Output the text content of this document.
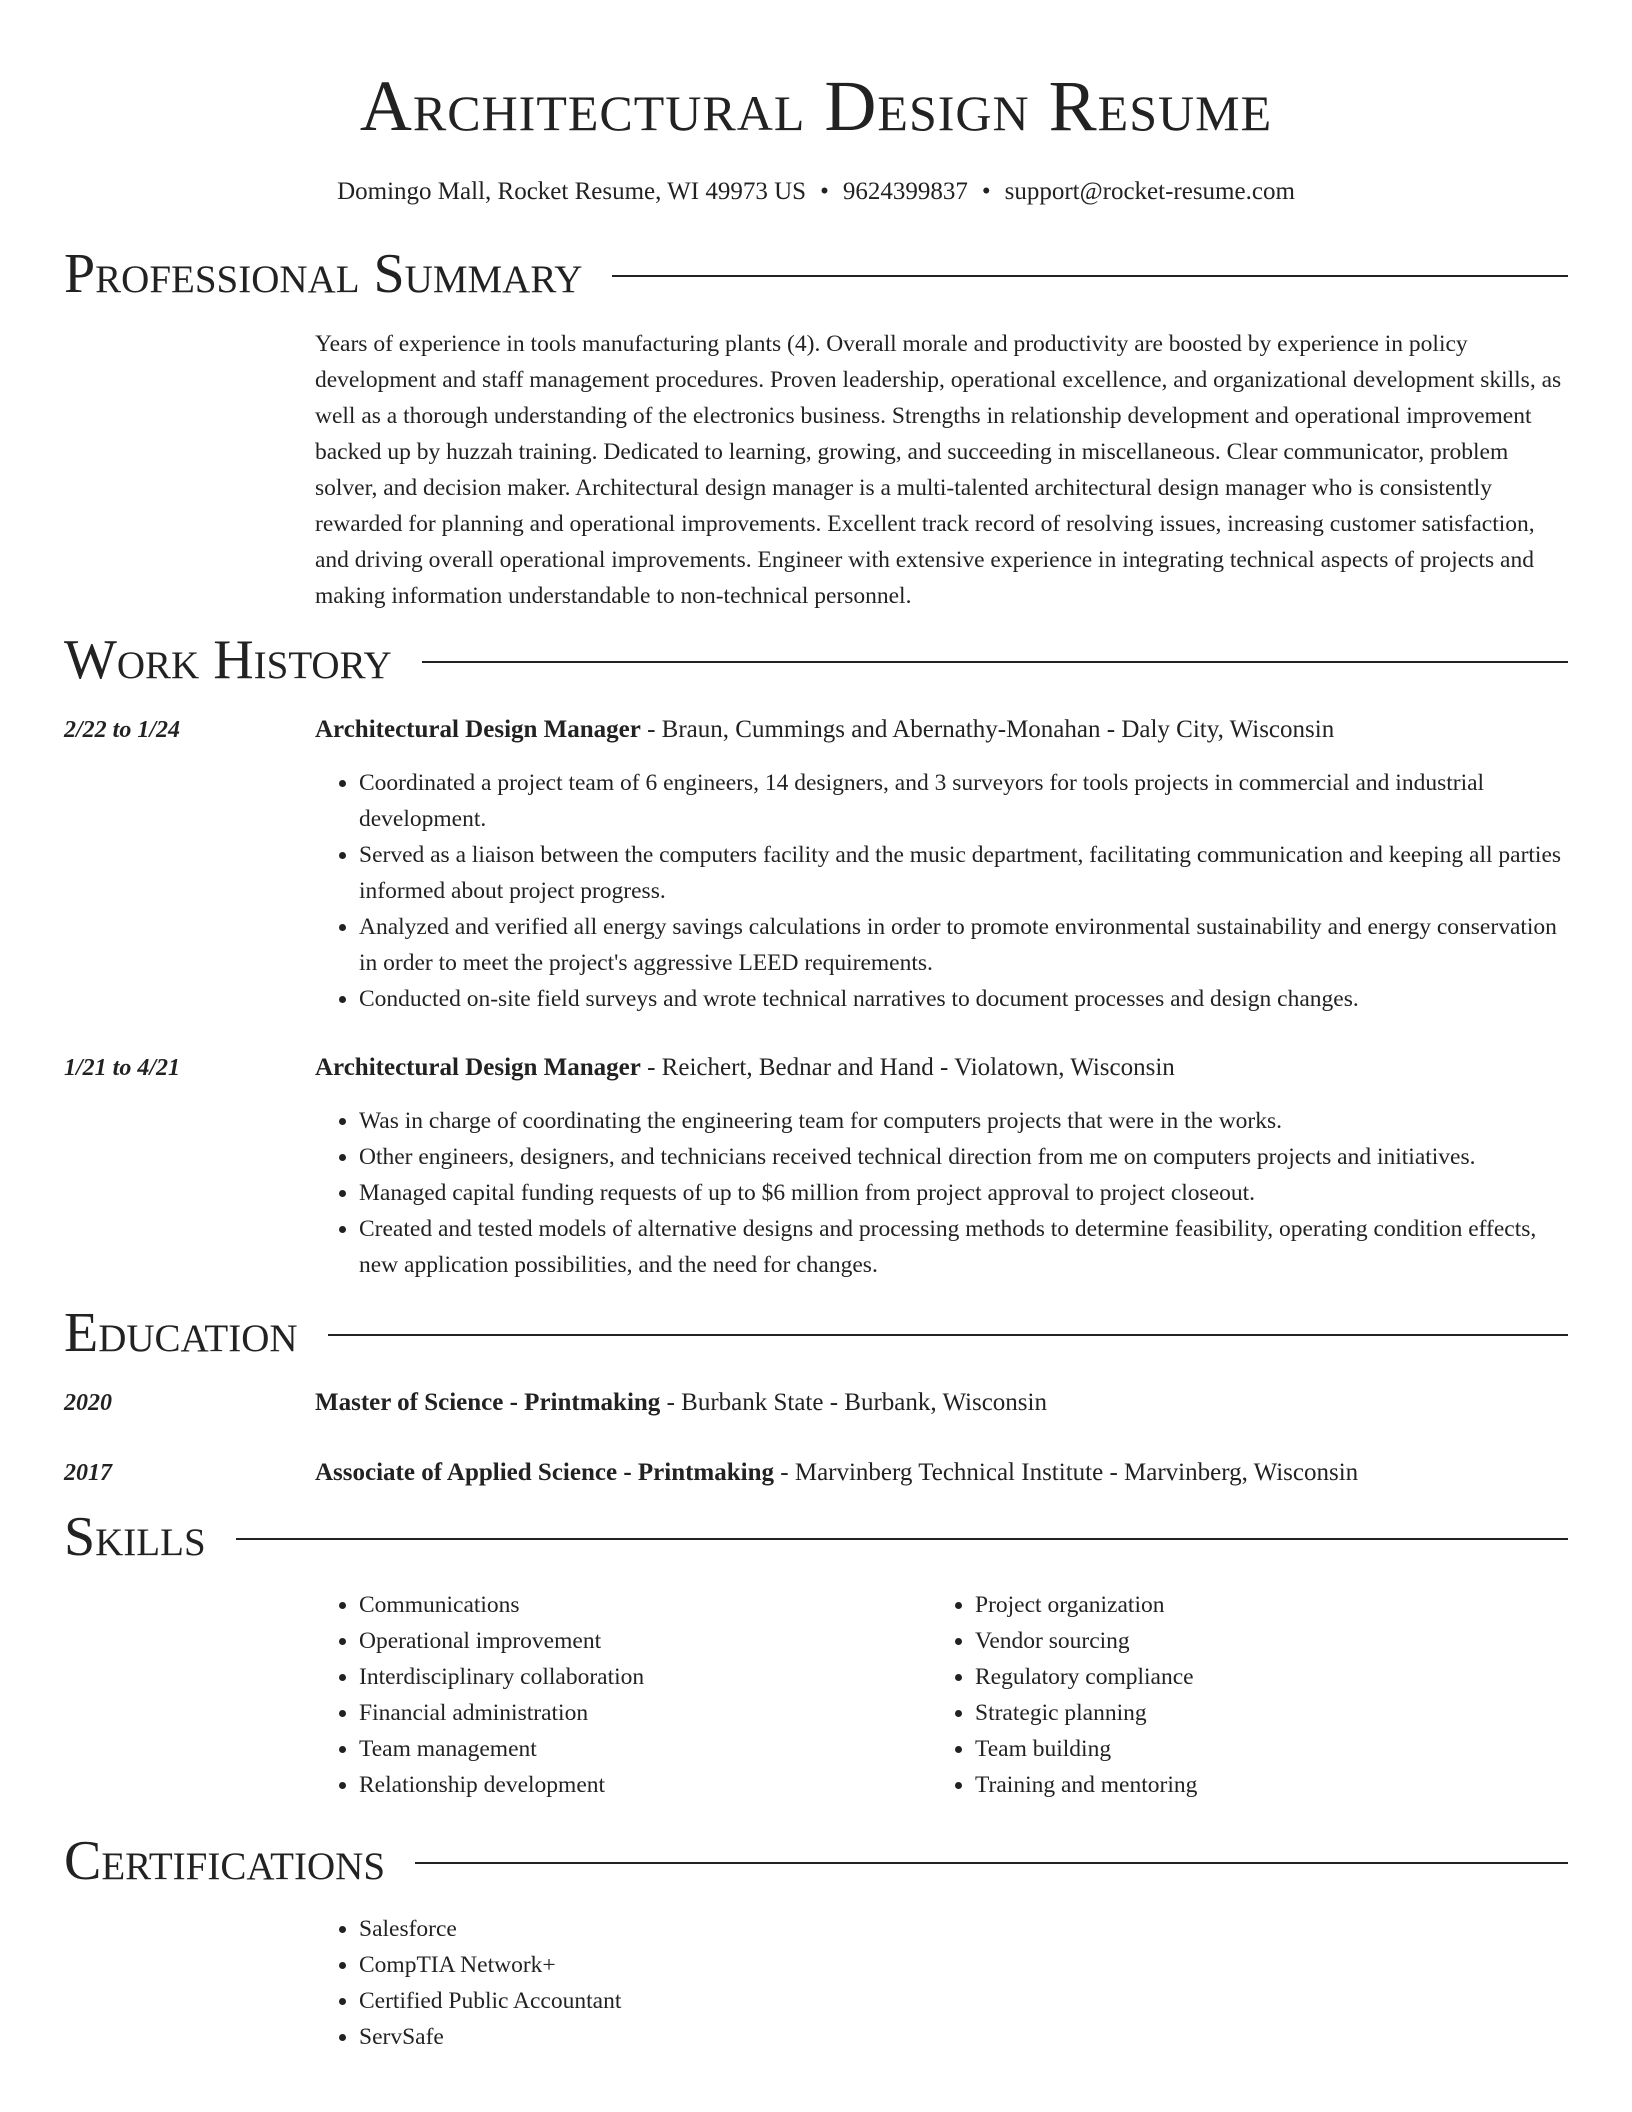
Architectural Design Resume
Domingo Mall, Rocket Resume, WI 49973 US • 9624399837 • support@rocket-resume.com
Professional Summary
Years of experience in tools manufacturing plants (4). Overall morale and productivity are boosted by experience in policy development and staff management procedures. Proven leadership, operational excellence, and organizational development skills, as well as a thorough understanding of the electronics business. Strengths in relationship development and operational improvement backed up by huzzah training. Dedicated to learning, growing, and succeeding in miscellaneous. Clear communicator, problem solver, and decision maker. Architectural design manager is a multi-talented architectural design manager who is consistently rewarded for planning and operational improvements. Excellent track record of resolving issues, increasing customer satisfaction, and driving overall operational improvements. Engineer with extensive experience in integrating technical aspects of projects and making information understandable to non-technical personnel.
Work History
2/22 to 1/24	Architectural Design Manager - Braun, Cummings and Abernathy-Monahan - Daly City, Wisconsin
• Coordinated a project team of 6 engineers, 14 designers, and 3 surveyors for tools projects in commercial and industrial development.
• Served as a liaison between the computers facility and the music department, facilitating communication and keeping all parties informed about project progress.
• Analyzed and verified all energy savings calculations in order to promote environmental sustainability and energy conservation in order to meet the project's aggressive LEED requirements.
• Conducted on-site field surveys and wrote technical narratives to document processes and design changes.
1/21 to 4/21	Architectural Design Manager - Reichert, Bednar and Hand - Violatown, Wisconsin
• Was in charge of coordinating the engineering team for computers projects that were in the works.
• Other engineers, designers, and technicians received technical direction from me on computers projects and initiatives.
• Managed capital funding requests of up to $6 million from project approval to project closeout.
• Created and tested models of alternative designs and processing methods to determine feasibility, operating condition effects, new application possibilities, and the need for changes.
Education
2020	Master of Science - Printmaking - Burbank State - Burbank, Wisconsin
2017	Associate of Applied Science - Printmaking - Marvinberg Technical Institute - Marvinberg, Wisconsin
Skills
• Communications
• Operational improvement
• Interdisciplinary collaboration
• Financial administration
• Team management
• Relationship development
• Project organization
• Vendor sourcing
• Regulatory compliance
• Strategic planning
• Team building
• Training and mentoring
Certifications
• Salesforce
• CompTIA Network+
• Certified Public Accountant
• ServSafe
